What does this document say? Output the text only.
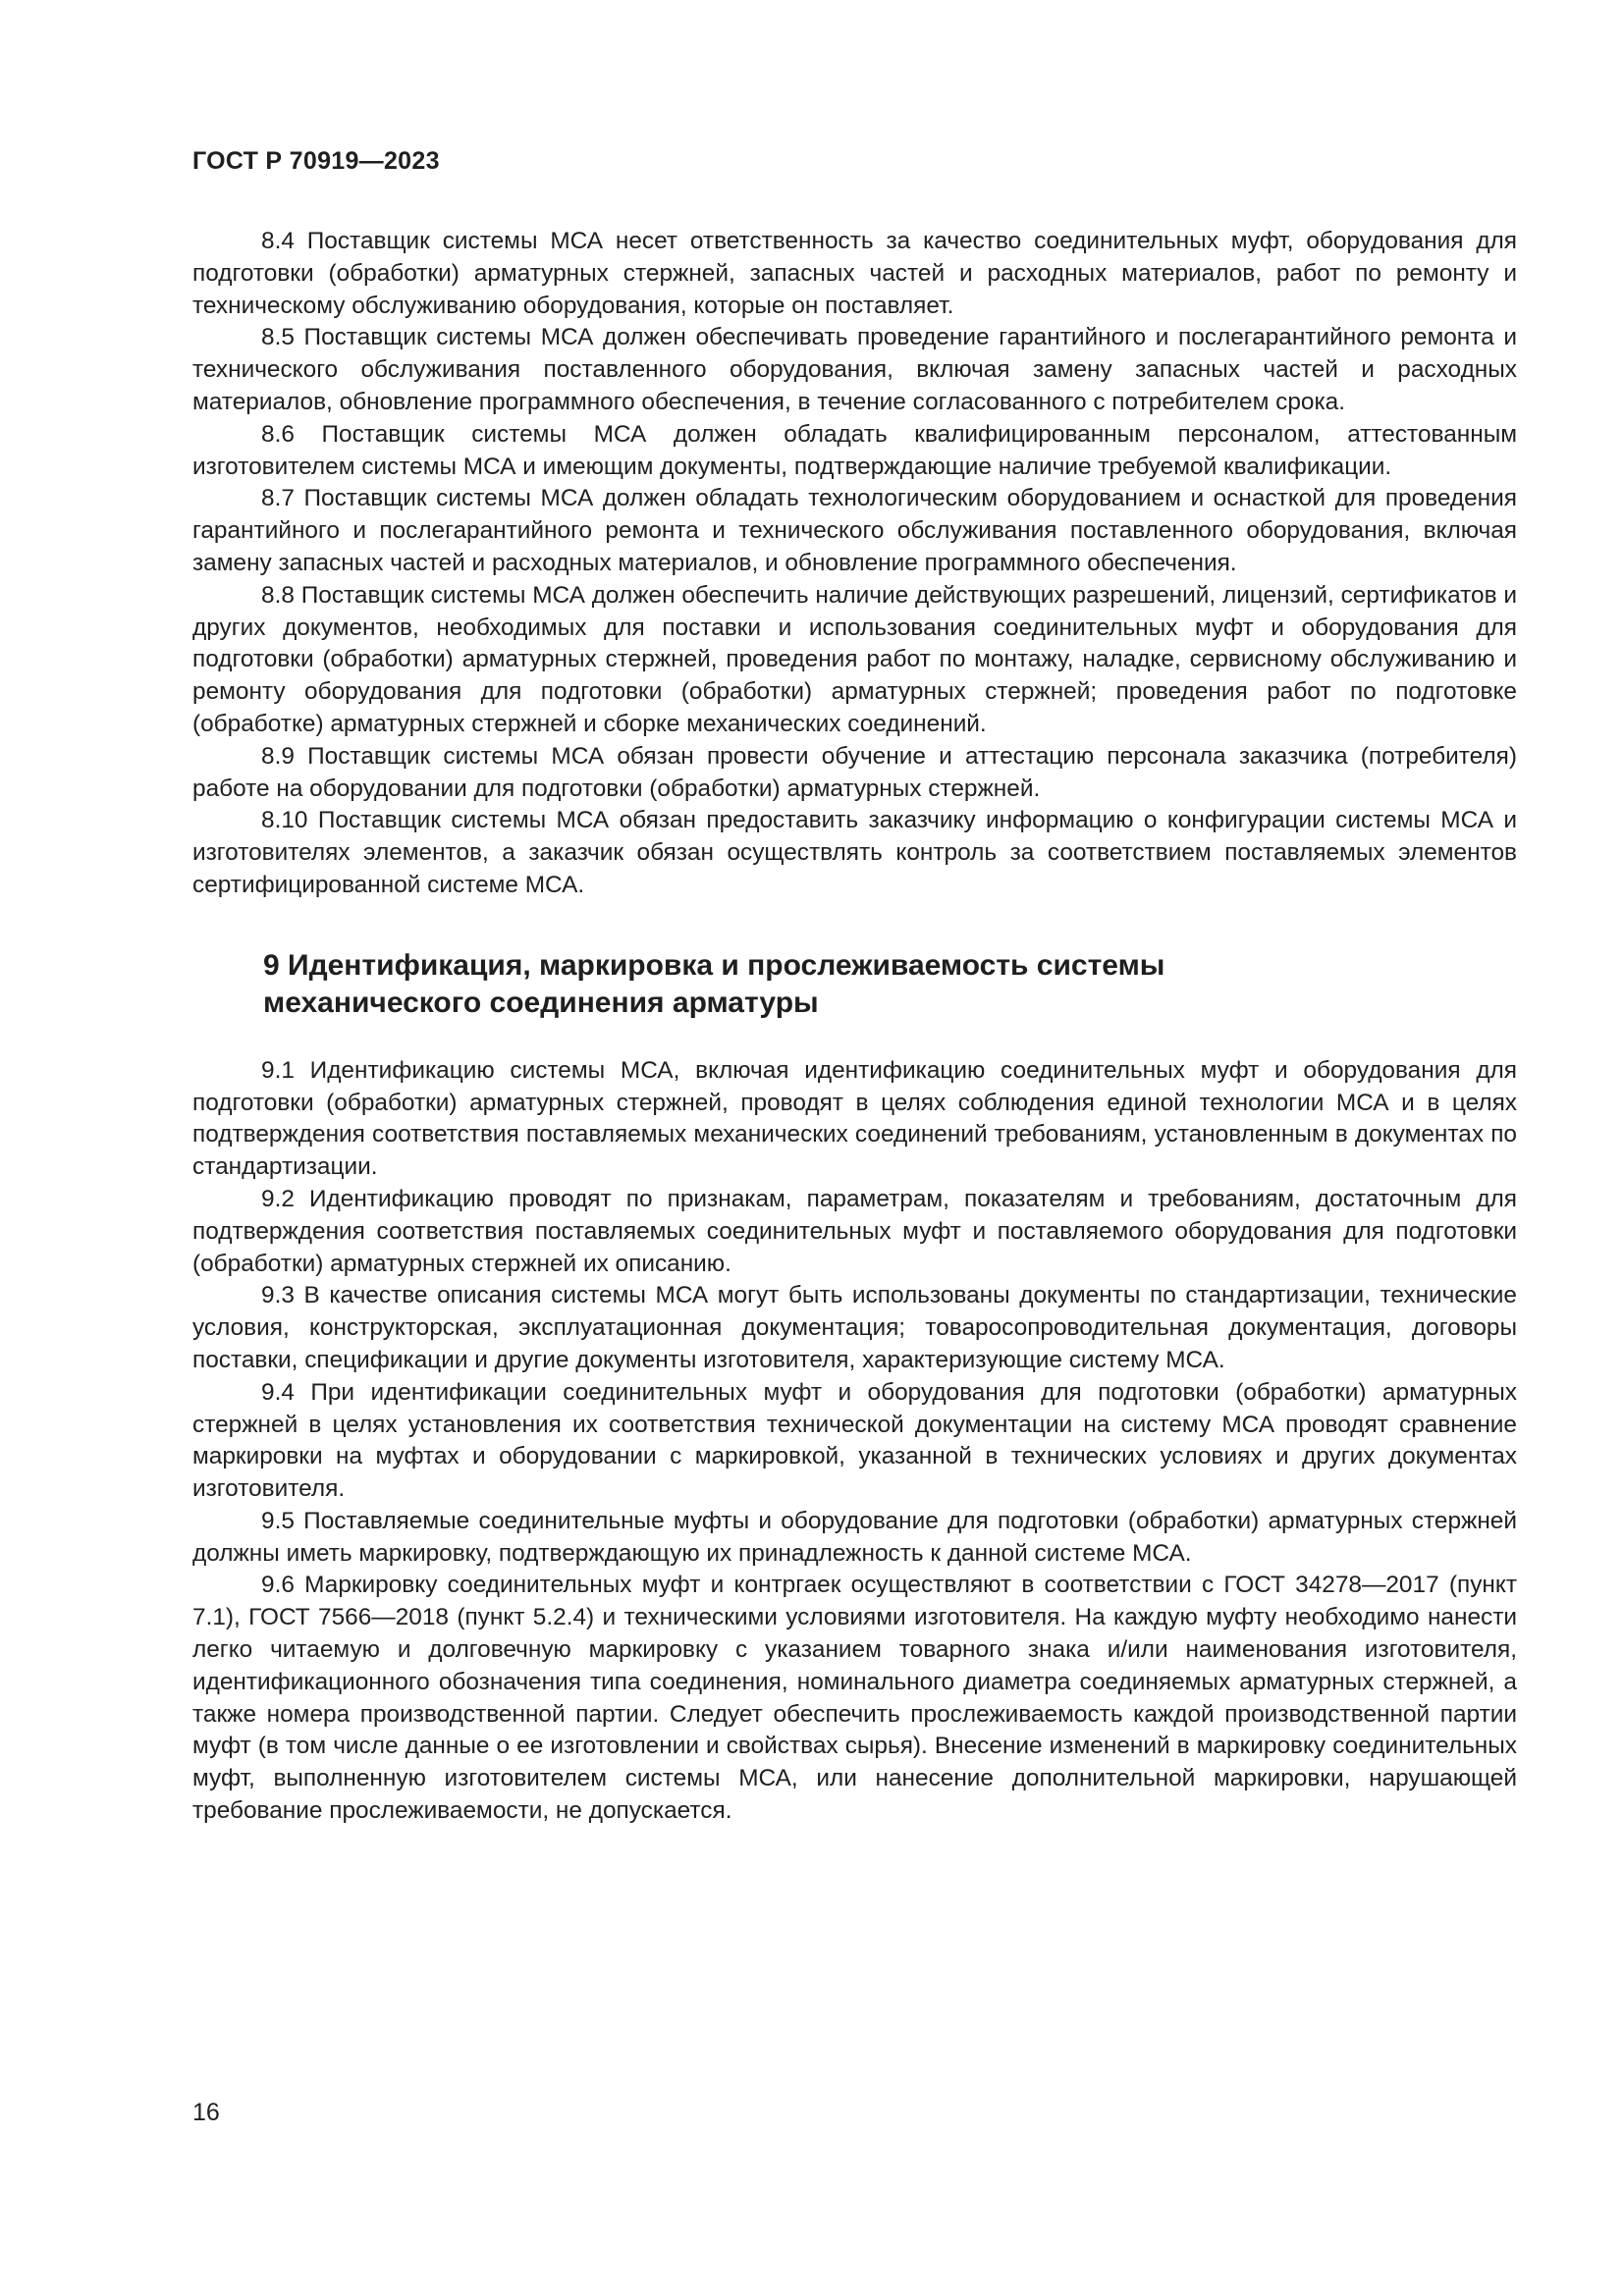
ГОСТ Р 70919—2023

8.4 Поставщик системы МСА несет ответственность за качество соединительных муфт, оборудования для подготовки (обработки) арматурных стержней, запасных частей и расходных материалов, работ по ремонту и техническому обслуживанию оборудования, которые он поставляет.

8.5 Поставщик системы МСА должен обеспечивать проведение гарантийного и послегарантийного ремонта и технического обслуживания поставленного оборудования, включая замену запасных частей и расходных материалов, обновление программного обеспечения, в течение согласованного с потребителем срока.

8.6 Поставщик системы МСА должен обладать квалифицированным персоналом, аттестованным изготовителем системы МСА и имеющим документы, подтверждающие наличие требуемой квалификации.

8.7 Поставщик системы МСА должен обладать технологическим оборудованием и оснасткой для проведения гарантийного и послегарантийного ремонта и технического обслуживания поставленного оборудования, включая замену запасных частей и расходных материалов, и обновление программного обеспечения.

8.8 Поставщик системы МСА должен обеспечить наличие действующих разрешений, лицензий, сертификатов и других документов, необходимых для поставки и использования соединительных муфт и оборудования для подготовки (обработки) арматурных стержней, проведения работ по монтажу, наладке, сервисному обслуживанию и ремонту оборудования для подготовки (обработки) арматурных стержней; проведения работ по подготовке (обработке) арматурных стержней и сборке механических соединений.

8.9 Поставщик системы МСА обязан провести обучение и аттестацию персонала заказчика (потребителя) работе на оборудовании для подготовки (обработки) арматурных стержней.

8.10 Поставщик системы МСА обязан предоставить заказчику информацию о конфигурации системы МСА и изготовителях элементов, а заказчик обязан осуществлять контроль за соответствием поставляемых элементов сертифицированной системе МСА.

9 Идентификация, маркировка и прослеживаемость системы механического соединения арматуры

9.1 Идентификацию системы МСА, включая идентификацию соединительных муфт и оборудования для подготовки (обработки) арматурных стержней, проводят в целях соблюдения единой технологии МСА и в целях подтверждения соответствия поставляемых механических соединений требованиям, установленным в документах по стандартизации.

9.2 Идентификацию проводят по признакам, параметрам, показателям и требованиям, достаточным для подтверждения соответствия поставляемых соединительных муфт и поставляемого оборудования для подготовки (обработки) арматурных стержней их описанию.

9.3 В качестве описания системы МСА могут быть использованы документы по стандартизации, технические условия, конструкторская, эксплуатационная документация; товаросопроводительная документация, договоры поставки, спецификации и другие документы изготовителя, характеризующие систему МСА.

9.4 При идентификации соединительных муфт и оборудования для подготовки (обработки) арматурных стержней в целях установления их соответствия технической документации на систему МСА проводят сравнение маркировки на муфтах и оборудовании с маркировкой, указанной в технических условиях и других документах изготовителя.

9.5 Поставляемые соединительные муфты и оборудование для подготовки (обработки) арматурных стержней должны иметь маркировку, подтверждающую их принадлежность к данной системе МСА.

9.6 Маркировку соединительных муфт и контргаек осуществляют в соответствии с ГОСТ 34278—2017 (пункт 7.1), ГОСТ 7566—2018 (пункт 5.2.4) и техническими условиями изготовителя. На каждую муфту необходимо нанести легко читаемую и долговечную маркировку с указанием товарного знака и/или наименования изготовителя, идентификационного обозначения типа соединения, номинального диаметра соединяемых арматурных стержней, а также номера производственной партии. Следует обеспечить прослеживаемость каждой производственной партии муфт (в том числе данные о ее изготовлении и свойствах сырья). Внесение изменений в маркировку соединительных муфт, выполненную изготовителем системы МСА, или нанесение дополнительной маркировки, нарушающей требование прослеживаемости, не допускается.

16
